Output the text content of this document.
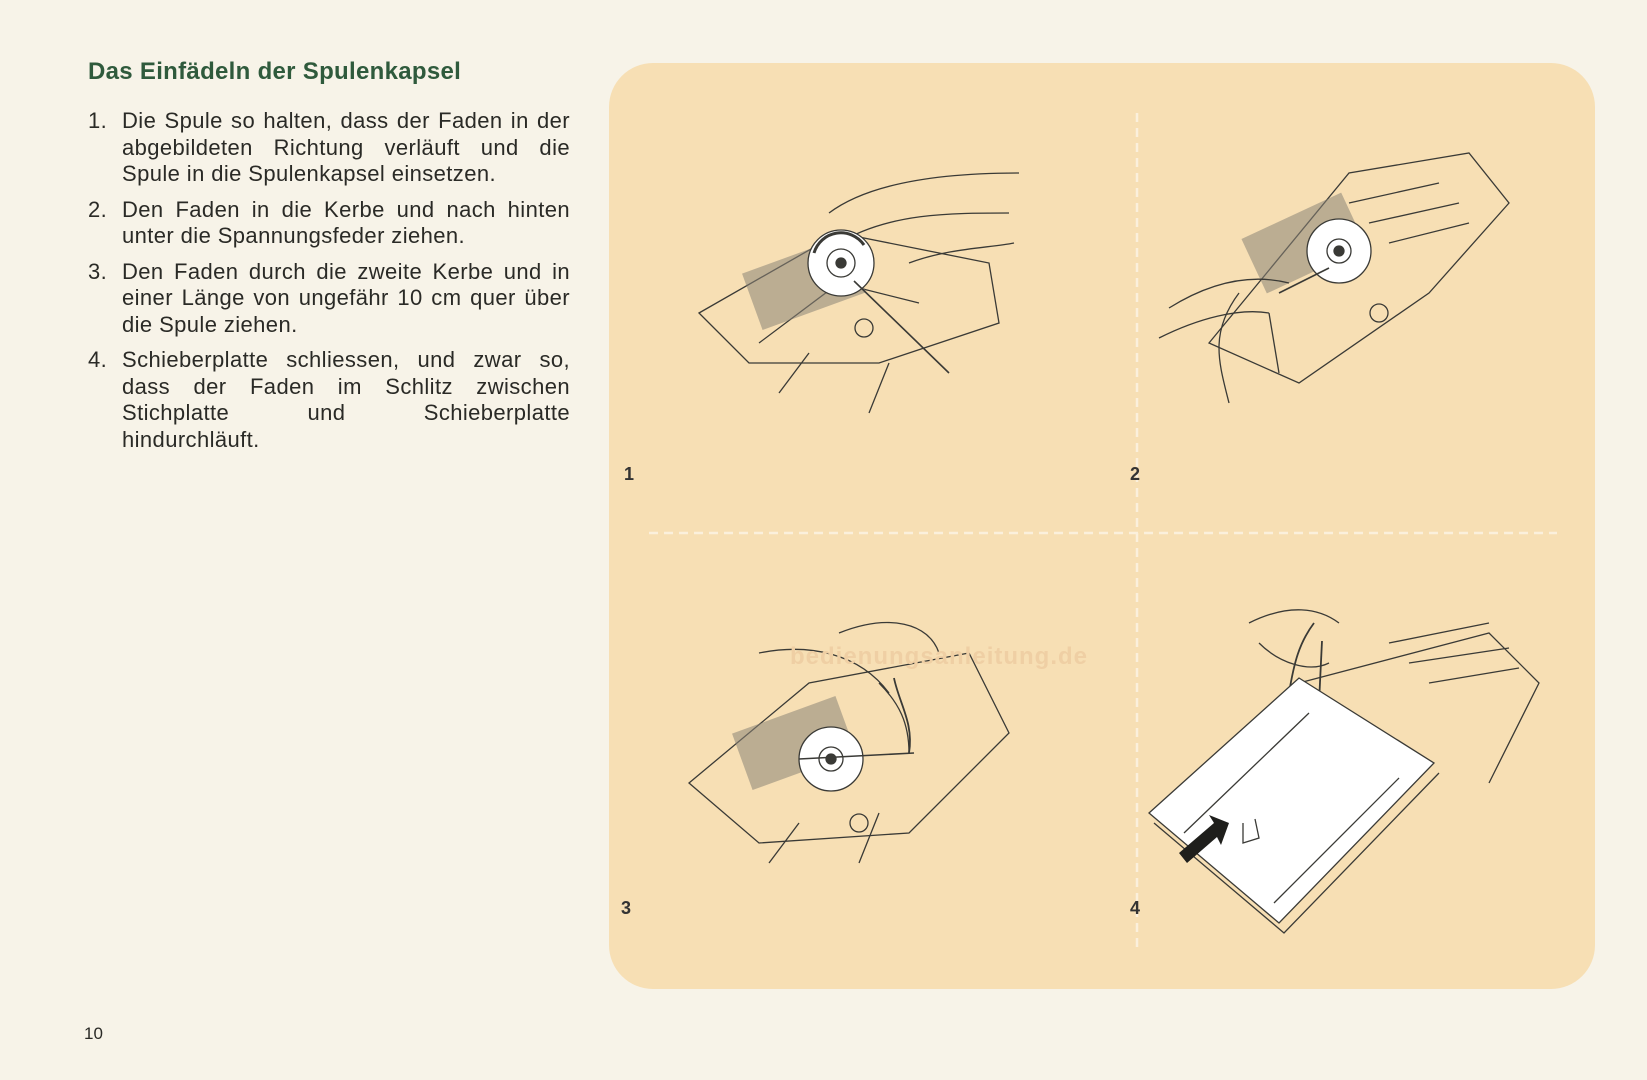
Das Einfädeln der Spulenkapsel
1. Die Spule so halten, dass der Faden in der abgebildeten Richtung verläuft und die Spule in die Spulenkapsel einsetzen.
2. Den Faden in die Kerbe und nach hinten unter die Spannungsfeder ziehen.
3. Den Faden durch die zweite Kerbe und in einer Länge von ungefähr 10 cm quer über die Spule ziehen.
4. Schieberplatte schliessen, und zwar so, dass der Faden im Schlitz zwischen Stichplatte und Schieberplatte hindurchläuft.
1	2
3	4
bedienungsanleitung.de
10
